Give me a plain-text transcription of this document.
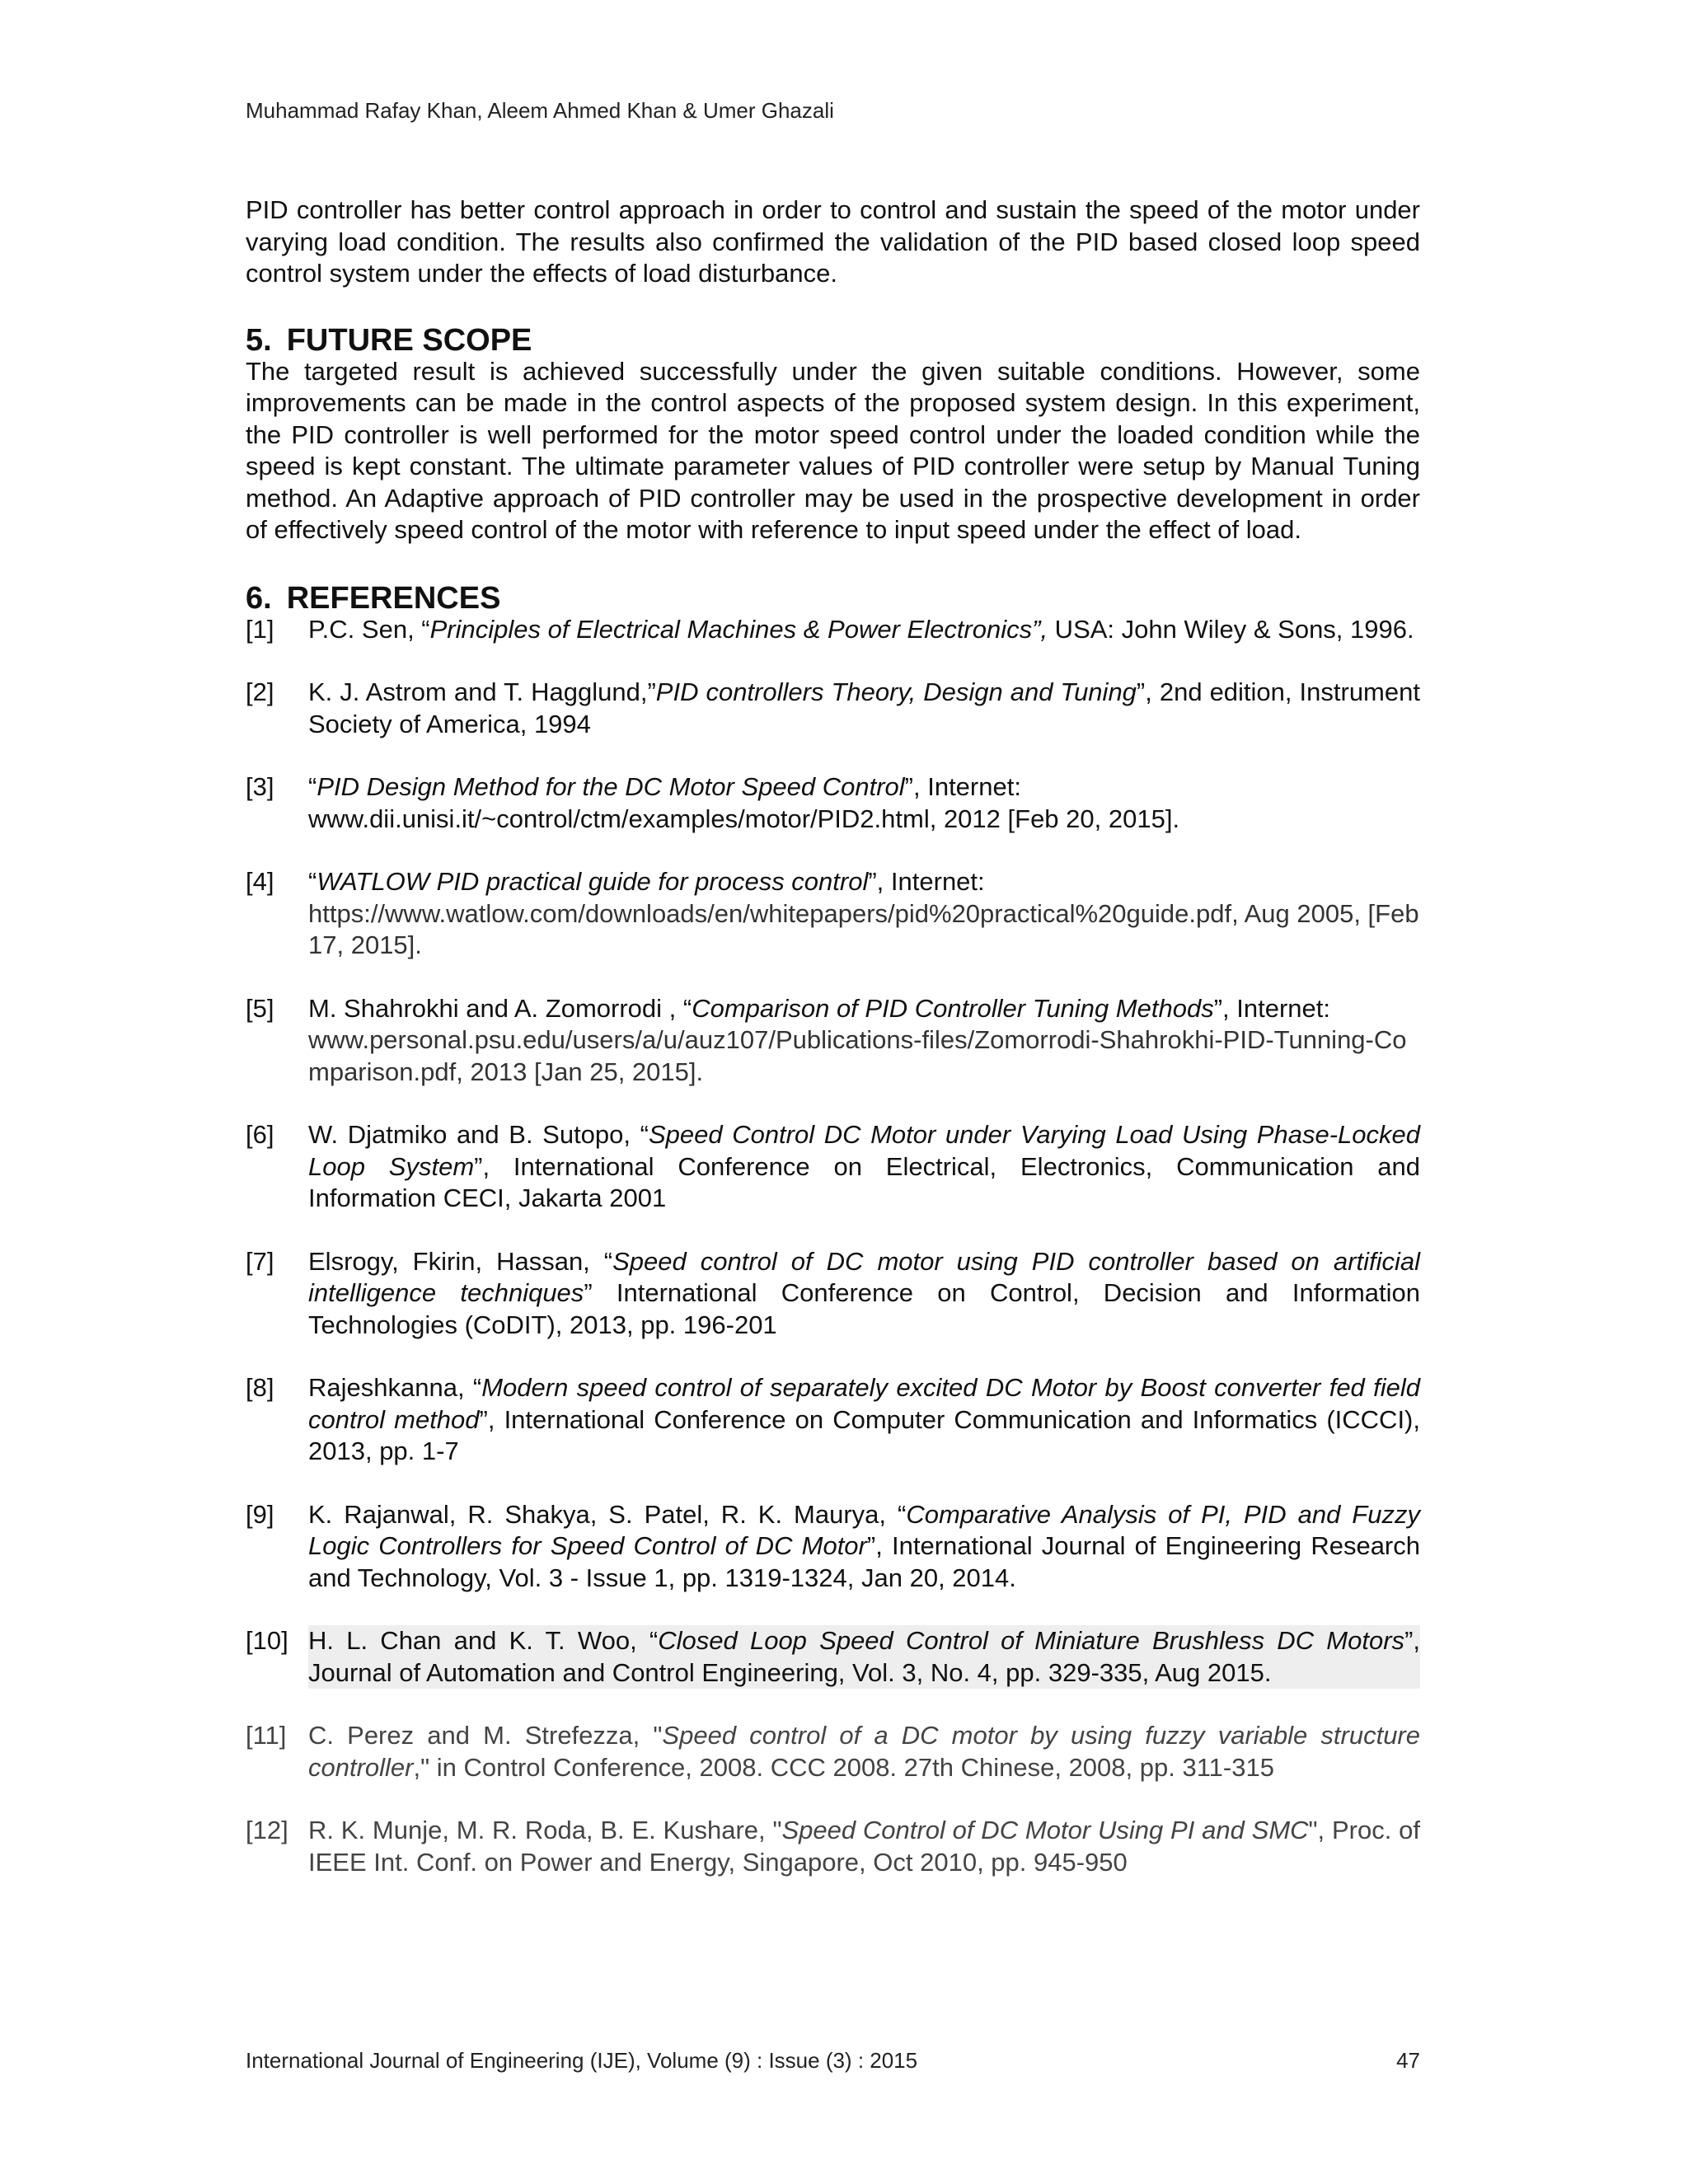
Muhammad Rafay Khan, Aleem Ahmed Khan & Umer Ghazali

PID controller has better control approach in order to control and sustain the speed of the motor under varying load condition. The results also confirmed the validation of the PID based closed loop speed control system under the effects of load disturbance.

5. FUTURE SCOPE

The targeted result is achieved successfully under the given suitable conditions. However, some improvements can be made in the control aspects of the proposed system design. In this experiment, the PID controller is well performed for the motor speed control under the loaded condition while the speed is kept constant. The ultimate parameter values of PID controller were setup by Manual Tuning method. An Adaptive approach of PID controller may be used in the prospective development in order of effectively speed control of the motor with reference to input speed under the effect of load.

6. REFERENCES
[1]	P.C. Sen, “Principles of Electrical Machines & Power Electronics”, USA: John Wiley & Sons, 1996.
[2]	K. J. Astrom and T. Hagglund,”PID controllers Theory, Design and Tuning”, 2nd edition, Instrument Society of America, 1994
[3]	“PID Design Method for the DC Motor Speed Control”, Internet:
www.dii.unisi.it/~control/ctm/examples/motor/PID2.html, 2012 [Feb 20, 2015].
[4]	“WATLOW PID practical guide for process control”, Internet:
https://www.watlow.com/downloads/en/whitepapers/pid%20practical%20guide.pdf, Aug 2005, [Feb 17, 2015].
[5]	M. Shahrokhi and A. Zomorrodi , “Comparison of PID Controller Tuning Methods”, Internet:
www.personal.psu.edu/users/a/u/auz107/Publications-files/Zomorrodi-Shahrokhi-PID-Tunning-Co mparison.pdf, 2013 [Jan 25, 2015].
[6]	W. Djatmiko and B. Sutopo, “Speed Control DC Motor under Varying Load Using Phase-Locked Loop System”, International Conference on Electrical, Electronics, Communication and Information CECI, Jakarta 2001
[7]	Elsrogy, Fkirin, Hassan, “Speed control of DC motor using PID controller based on artificial intelligence techniques” International Conference on Control, Decision and Information Technologies (CoDIT), 2013, pp. 196-201
[8]	Rajeshkanna, “Modern speed control of separately excited DC Motor by Boost converter fed field control method”, International Conference on Computer Communication and Informatics (ICCCI), 2013, pp. 1-7
[9]	K. Rajanwal, R. Shakya, S. Patel, R. K. Maurya, “Comparative Analysis of PI, PID and Fuzzy Logic Controllers for Speed Control of DC Motor”, International Journal of Engineering Research and Technology, Vol. 3 - Issue 1, pp. 1319-1324, Jan 20, 2014.
[10] H. L. Chan and K. T. Woo, “Closed Loop Speed Control of Miniature Brushless DC Motors”, Journal of Automation and Control Engineering, Vol. 3, No. 4, pp. 329-335, Aug 2015.
[11] C. Perez and M. Strefezza, "Speed control of a DC motor by using fuzzy variable structure controller," in Control Conference, 2008. CCC 2008. 27th Chinese, 2008, pp. 311-315
[12] R. K. Munje, M. R. Roda, B. E. Kushare, "Speed Control of DC Motor Using PI and SMC", Proc. of IEEE Int. Conf. on Power and Energy, Singapore, Oct 2010, pp. 945-950
International Journal of Engineering (IJE), Volume (9) : Issue (3) : 2015	47
